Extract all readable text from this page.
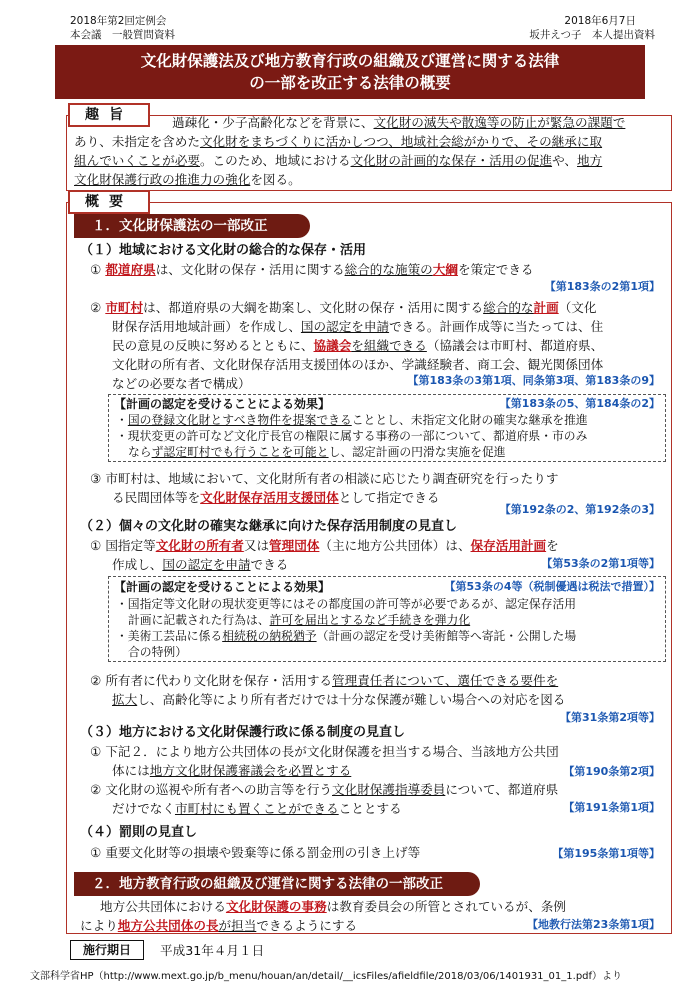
2018年第2回定例会
本会議　一般質問資料
2018年6月7日
坂井えつ子　本人提出資料
文化財保護法及び地方教育行政の組織及び運営に関する法律
の一部を改正する法律の概要
趣旨	過疎化・少子高齢化などを背景に、文化財の滅失や散逸等の防止が緊急の課題で
あり、未指定を含めた文化財をまちづくりに活かしつつ、地域社会総がかりで、その継承に取
組んでいくことが必要。このため、地域における文化財の計画的な保存・活用の促進や、地方
文化財保護行政の推進力の強化を図る。
概要
１．文化財保護法の一部改正
（１）地域における文化財の総合的な保存・活用
① 都道府県は、文化財の保存・活用に関する総合的な施策の大綱を策定できる
【第183条の2第1項】
② 市町村は、都道府県の大綱を勘案し、文化財の保存・活用に関する総合的な計画（文化
財保存活用地域計画）を作成し、国の認定を申請できる。計画作成等に当たっては、住
民の意見の反映に努めるとともに、協議会を組織できる（協議会は市町村、都道府県、
文化財の所有者、文化財保存活用支援団体のほか、学識経験者、商工会、観光関係団体
などの必要な者で構成）	【第183条の3第1項、同条第3項、第183条の9】
【計画の認定を受けることによる効果】	【第183条の5、第184条の2】
・国の登録文化財とすべき物件を提案できることとし、未指定文化財の確実な継承を推進
・現状変更の許可など文化庁長官の権限に属する事務の一部について、都道府県・市のみ
ならず認定町村でも行うことを可能とし、認定計画の円滑な実施を促進
③ 市町村は、地域において、文化財所有者の相談に応じたり調査研究を行ったりす
る民間団体等を文化財保存活用支援団体として指定できる
【第192条の2、第192条の3】
（２）個々の文化財の確実な継承に向けた保存活用制度の見直し
① 国指定等文化財の所有者又は管理団体（主に地方公共団体）は、保存活用計画を
作成し、国の認定を申請できる	【第53条の2第1項等】
【計画の認定を受けることによる効果】	【第53条の4等（税制優遇は税法で措置）】
・国指定等文化財の現状変更等にはその都度国の許可等が必要であるが、認定保存活用
計画に記載された行為は、許可を届出とするなど手続きを弾力化
・美術工芸品に係る相続税の納税猶予（計画の認定を受け美術館等へ寄託・公開した場
合の特例）
② 所有者に代わり文化財を保存・活用する管理責任者について、選任できる要件を
拡大し、高齢化等により所有者だけでは十分な保護が難しい場合への対応を図る
【第31条第2項等】
（３）地方における文化財保護行政に係る制度の見直し
① 下記２．により地方公共団体の長が文化財保護を担当する場合、当該地方公共団
体には地方文化財保護審議会を必置とする	【第190条第2項】
② 文化財の巡視や所有者への助言等を行う文化財保護指導委員について、都道府県
だけでなく市町村にも置くことができることとする	【第191条第1項】
（４）罰則の見直し
① 重要文化財等の損壊や毀棄等に係る罰金刑の引き上げ等	【第195条第1項等】
２．地方教育行政の組織及び運営に関する法律の一部改正
地方公共団体における文化財保護の事務は教育委員会の所管とされているが、条例
により地方公共団体の長が担当できるようにする	【地教行法第23条第1項】
施行期日	平成31年４月１日
文部科学省HP（http://www.mext.go.jp/b_menu/houan/an/detail/__icsFiles/afieldfile/2018/03/06/1401931_01_1.pdf）より
